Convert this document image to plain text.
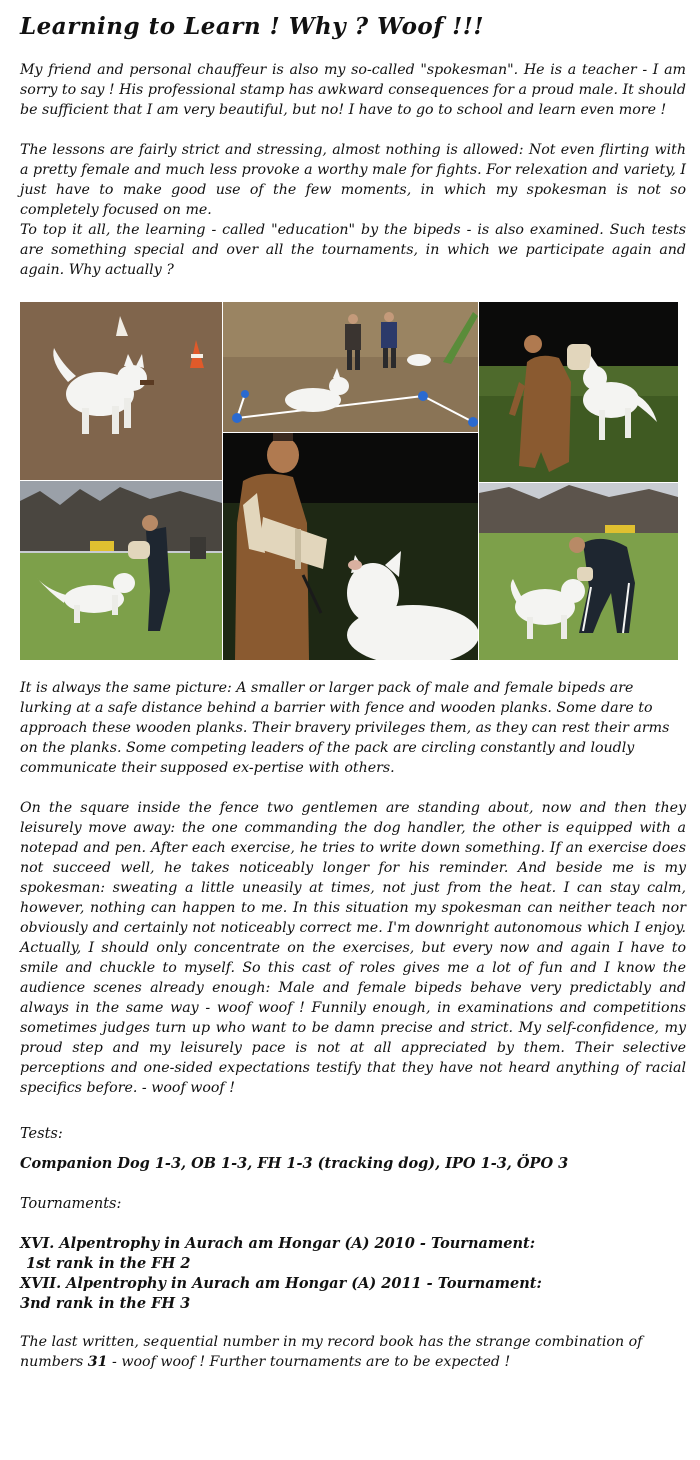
Learning to Learn ! Why ? Woof !!!

My friend and personal chauffeur is also my so-called "spokesman". He is a teacher - I am sorry to say ! His professional stamp has awkward consequences for a proud male. It should be sufficient that I am very beautiful, but no! I have to go to school and learn even more !

The lessons are fairly strict and stressing, almost nothing is allowed: Not even flirting with a pretty female and much less provoke a worthy male for fights. For relexation and variety, I just have to make good use of the few moments, in which my spokesman is not so completely focused on me.

To top it all, the learning - called "education" by the bipeds - is also examined. Such tests are something special and over all the tournaments, in which we participate again and again. Why actually ?

It is always the same picture: A smaller or larger pack of male and female bipeds are lurking at a safe distance behind a barrier with fence and wooden planks. Some dare to approach these wooden planks. Their bravery privileges them, as they can rest their arms on the planks. Some competing leaders of the pack are circling constantly and loudly communicate their supposed ex-pertise with others.

On the square inside the fence two gentlemen are standing about, now and then they leisurely move away: the one commanding the dog handler, the other is equipped with a notepad and pen. After each exercise, he tries to write down something. If an exercise does not succeed well, he takes noticeably longer for his reminder. And beside me is my spokesman: sweating a little uneasily at times, not just from the heat. I can stay calm, however, nothing can happen to me. In this situation my spokesman can neither teach nor obviously and certainly not noticeably correct me. I'm downright autonomous which I enjoy. Actually, I should only concentrate on the exercises, but every now and again I have to smile and chuckle to myself. So this cast of roles gives me a lot of fun and I know the audience scenes already enough: Male and female bipeds behave very predictably and always in the same way - woof woof ! Funnily enough, in examinations and competitions sometimes judges turn up who want to be damn precise and strict. My self-confidence, my proud step and my leisurely pace is not at all appreciated by them. Their selective perceptions and one-sided expectations testify that they have not heard anything of racial specifics before. - woof woof !

Tests:

Companion Dog 1-3, OB 1-3, FH 1-3 (tracking dog), IPO 1-3, ÖPO 3

Tournaments:

XVI. Alpentrophy in Aurach am Hongar (A) 2010 - Tournament:

1st rank in the FH 2

XVII. Alpentrophy in Aurach am Hongar (A) 2011 - Tournament:

3nd rank in the FH 3

The last written, sequential number in my record book has the strange combination of numbers 31 - woof woof ! Further tournaments are to be expected !
